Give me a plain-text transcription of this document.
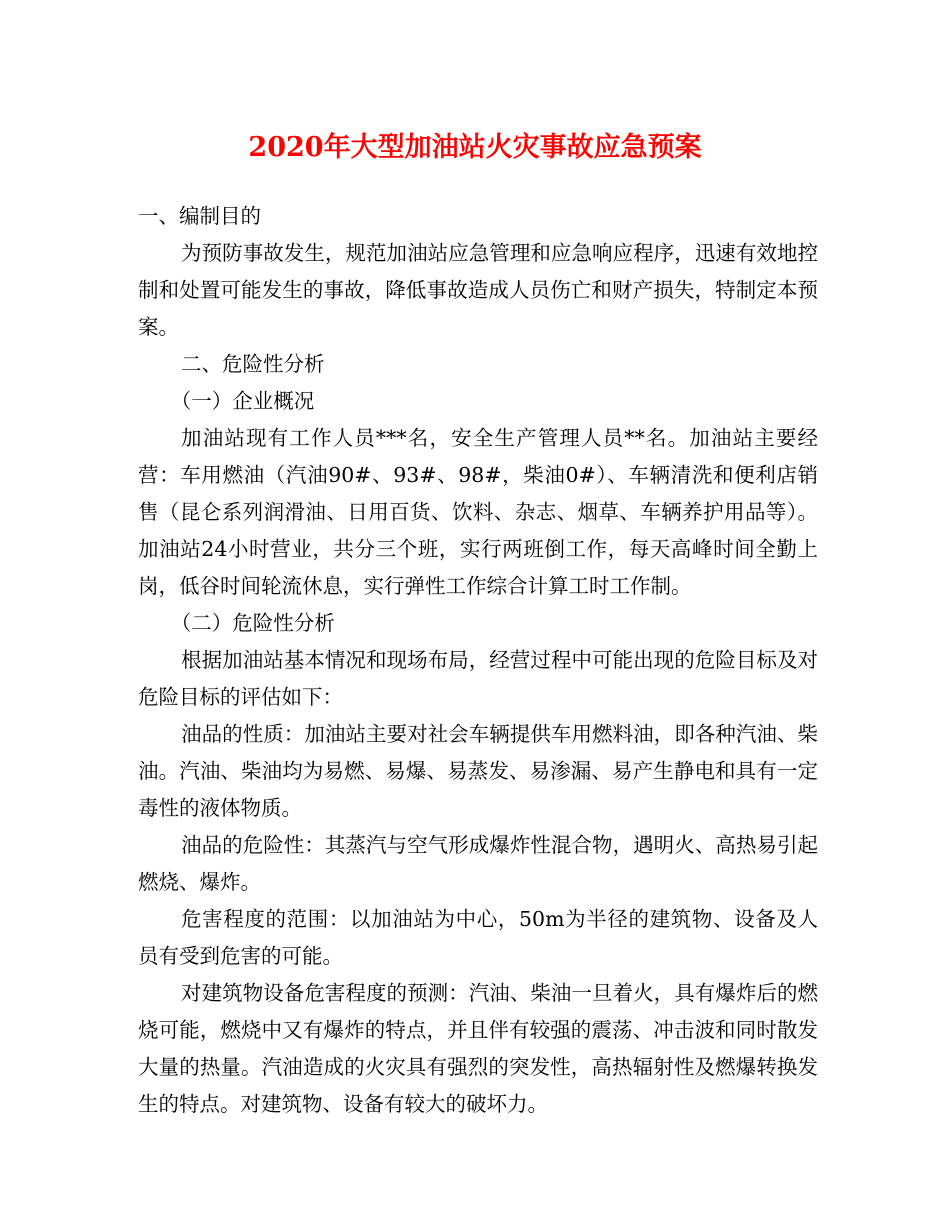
2020年大型加油站火灾事故应急预案

一、编制目的

为预防事故发生，规范加油站应急管理和应急响应程序，迅速有效地控制和处置可能发生的事故，降低事故造成人员伤亡和财产损失，特制定本预案。

二、危险性分析

（一）企业概况

加油站现有工作人员***名，安全生产管理人员**名。加油站主要经营：车用燃油（汽油90#、93#、98#，柴油0#）、车辆清洗和便利店销售（昆仑系列润滑油、日用百货、饮料、杂志、烟草、车辆养护用品等）。加油站24小时营业，共分三个班，实行两班倒工作，每天高峰时间全勤上岗，低谷时间轮流休息，实行弹性工作综合计算工时工作制。

（二）危险性分析

根据加油站基本情况和现场布局，经营过程中可能出现的危险目标及对危险目标的评估如下：

油品的性质：加油站主要对社会车辆提供车用燃料油，即各种汽油、柴油。汽油、柴油均为易燃、易爆、易蒸发、易渗漏、易产生静电和具有一定毒性的液体物质。

油品的危险性：其蒸汽与空气形成爆炸性混合物，遇明火、高热易引起燃烧、爆炸。

危害程度的范围：以加油站为中心，50m为半径的建筑物、设备及人员有受到危害的可能。

对建筑物设备危害程度的预测：汽油、柴油一旦着火，具有爆炸后的燃烧可能，燃烧中又有爆炸的特点，并且伴有较强的震荡、冲击波和同时散发大量的热量。汽油造成的火灾具有强烈的突发性，高热辐射性及燃爆转换发生的特点。对建筑物、设备有较大的破坏力。
